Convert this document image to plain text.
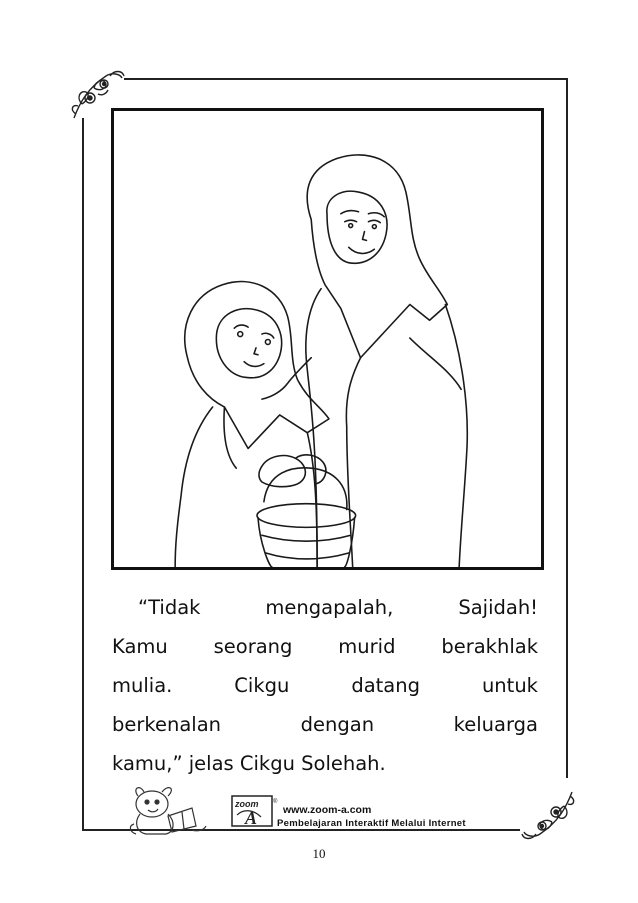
“Tidak	mengapalah,	Sajidah!
Kamu seorang murid berakhlak
mulia.	Cikgu	datang	untuk
berkenalan	dengan	keluarga
kamu,” jelas Cikgu Solehah.
zoom
A
®
www.zoom-a.com
Pembelajaran Interaktif Melalui Internet
10
